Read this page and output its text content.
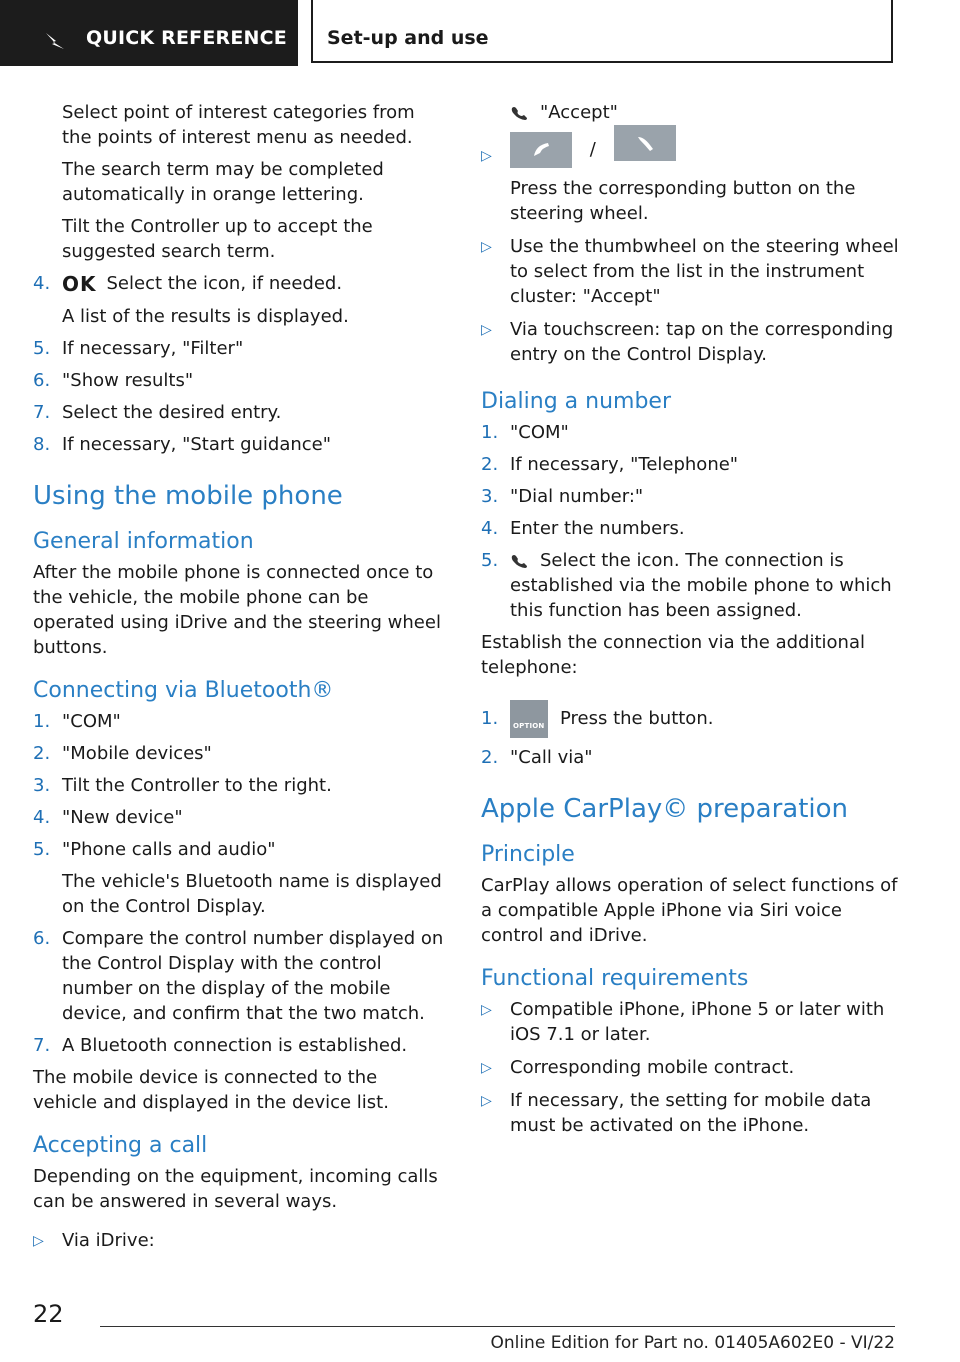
QUICK REFERENCE Set-up and use

Select point of interest categories from the points of interest menu as needed.

The search term may be completed automatically in orange lettering.

Tilt the Controller up to accept the suggested search term.

4. OK Select the icon, if needed.

A list of the results is displayed.

5. If necessary, "Filter"
6. "Show results"
7. Select the desired entry.
8. If necessary, "Start guidance"
Using the mobile phone
General information

After the mobile phone is connected once to the vehicle, the mobile phone can be operated using iDrive and the steering wheel buttons.

Connecting via Bluetooth®
1. "COM"
2. "Mobile devices"
3. Tilt the Controller to the right.
4. "New device"
5. "Phone calls and audio"

The vehicle's Bluetooth name is displayed on the Control Display.

6. Compare the control number displayed on the Control Display with the control number on the display of the mobile device, and confirm that the two match.
7. A Bluetooth connection is established.

The mobile device is connected to the vehicle and displayed in the device list.

Accepting a call

Depending on the equipment, incoming calls can be answered in several ways.

▷ Via iDrive:

"Accept"

▷	/
Press the corresponding button on the steering wheel.
▷ Use the thumbwheel on the steering wheel to select from the list in the instrument cluster: "Accept"
▷ Via touchscreen: tap on the corresponding entry on the Control Display.
Dialing a number
1. "COM"
2. If necessary, "Telephone"
3. "Dial number:"
4. Enter the numbers.
5. Select the icon. The connection is established via the mobile phone to which this function has been assigned.

Establish the connection via the additional telephone:

1. OPTION Press the button.
2. "Call via"
Apple CarPlay© preparation
Principle

CarPlay allows operation of select functions of a compatible Apple iPhone via Siri voice control and iDrive.

Functional requirements
▷ Compatible iPhone, iPhone 5 or later with iOS 7.1 or later.
▷ Corresponding mobile contract.
▷ If necessary, the setting for mobile data must be activated on the iPhone.
22
Online Edition for Part no. 01405A602E0 - VI/22
